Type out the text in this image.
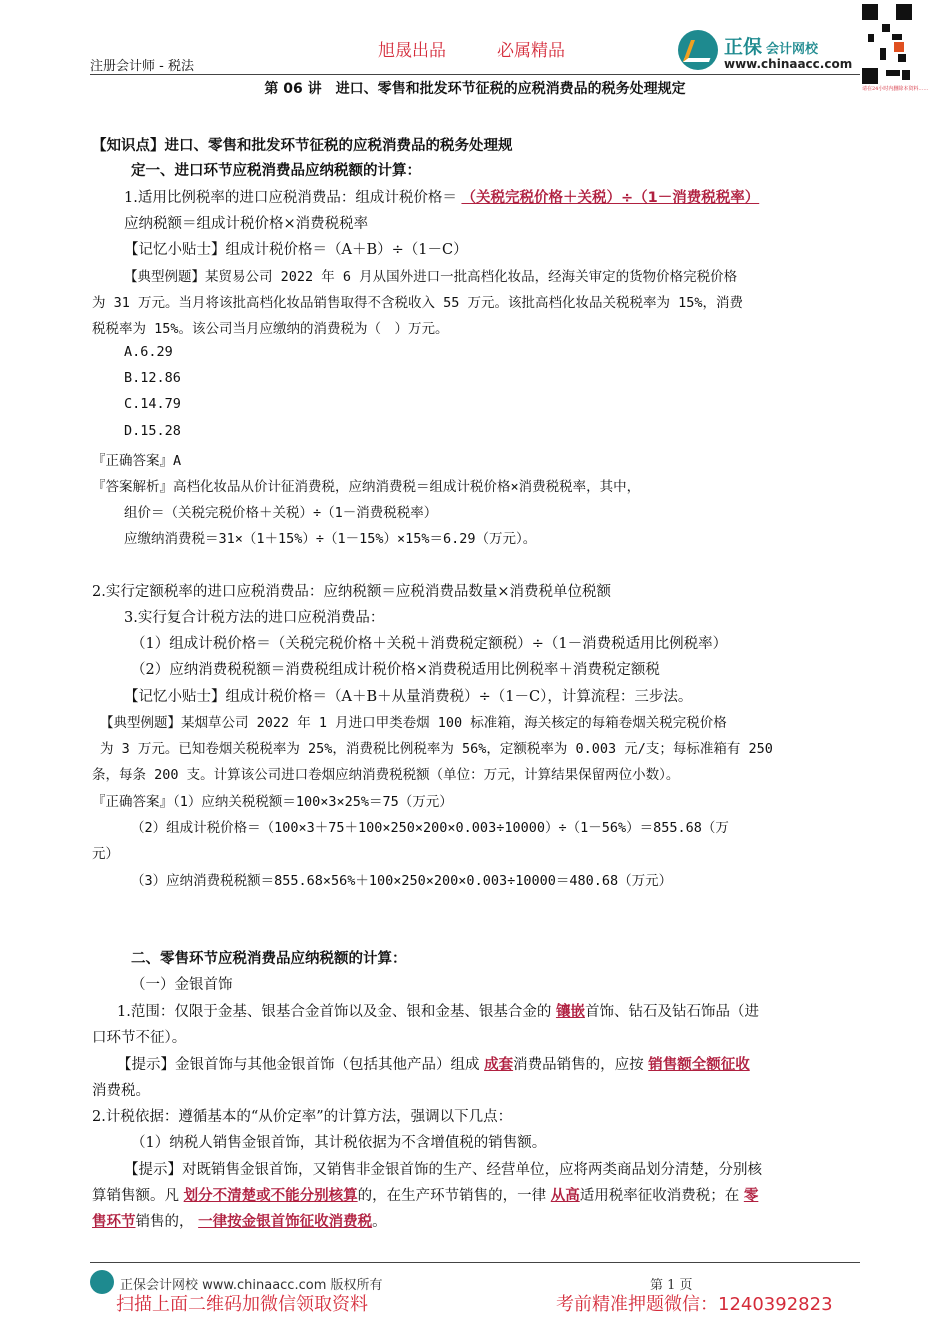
注册会计师 - 税法
旭晟出品	必属精品	正保 会计网校
www.chinaacc.com
请在24小时内删除本资料……
第 06 讲　进口、零售和批发环节征税的应税消费品的税务处理规定
【知识点】进口、零售和批发环节征税的应税消费品的税务处理规
定一、进口环节应税消费品应纳税额的计算：
1.适用比例税率的进口应税消费品：组成计税价格＝ （关税完税价格＋关税）÷（1－消费税税率）
应纳税额＝组成计税价格×消费税税率
【记忆小贴士】组成计税价格＝（A＋B）÷（1－C）
【典型例题】某贸易公司 2022 年 6 月从国外进口一批高档化妆品，经海关审定的货物价格完税价格
为 31 万元。当月将该批高档化妆品销售取得不含税收入 55 万元。该批高档化妆品关税税率为 15%，消费
税税率为 15%。该公司当月应缴纳的消费税为（　）万元。
A.6.29
B.12.86
C.14.79
D.15.28
『正确答案』A
『答案解析』高档化妆品从价计征消费税，应纳消费税＝组成计税价格×消费税税率，其中，
组价＝（关税完税价格＋关税）÷（1－消费税税率）
应缴纳消费税＝31×（1＋15%）÷（1－15%）×15%＝6.29（万元）。
2.实行定额税率的进口应税消费品：应纳税额＝应税消费品数量×消费税单位税额
3.实行复合计税方法的进口应税消费品：
（1）组成计税价格＝（关税完税价格＋关税＋消费税定额税）÷（1－消费税适用比例税率）
（2）应纳消费税税额＝消费税组成计税价格×消费税适用比例税率＋消费税定额税
【记忆小贴士】组成计税价格＝（A＋B＋从量消费税）÷（1－C），计算流程：三步法。
【典型例题】某烟草公司 2022 年 1 月进口甲类卷烟 100 标准箱，海关核定的每箱卷烟关税完税价格
为 3 万元。已知卷烟关税税率为 25%，消费税比例税率为 56%，定额税率为 0.003 元/支；每标准箱有 250
条，每条 200 支。计算该公司进口卷烟应纳消费税税额（单位：万元，计算结果保留两位小数）。
『正确答案』（1）应纳关税税额＝100×3×25%＝75（万元）
（2）组成计税价格＝（100×3＋75＋100×250×200×0.003÷10000）÷（1－56%）＝855.68（万
元）
（3）应纳消费税税额＝855.68×56%＋100×250×200×0.003÷10000＝480.68（万元）
二、零售环节应税消费品应纳税额的计算：
（一）金银首饰
1.范围：仅限于金基、银基合金首饰以及金、银和金基、银基合金的 镶嵌首饰、钻石及钻石饰品（进
口环节不征）。
【提示】金银首饰与其他金银首饰（包括其他产品）组成 成套消费品销售的，应按 销售额全额征收
消费税。
2.计税依据：遵循基本的“从价定率”的计算方法，强调以下几点：
（1）纳税人销售金银首饰，其计税依据为不含增值税的销售额。
【提示】对既销售金银首饰，又销售非金银首饰的生产、经营单位，应将两类商品划分清楚，分别核
算销售额。凡 划分不清楚或不能分别核算的，在生产环节销售的，一律 从高适用税率征收消费税；在 零
售环节销售的， 一律按金银首饰征收消费税。
正保会计网校 www.chinaacc.com 版权所有	第 1 页
扫描上面二维码加微信领取资料	考前精准押题微信：1240392823
